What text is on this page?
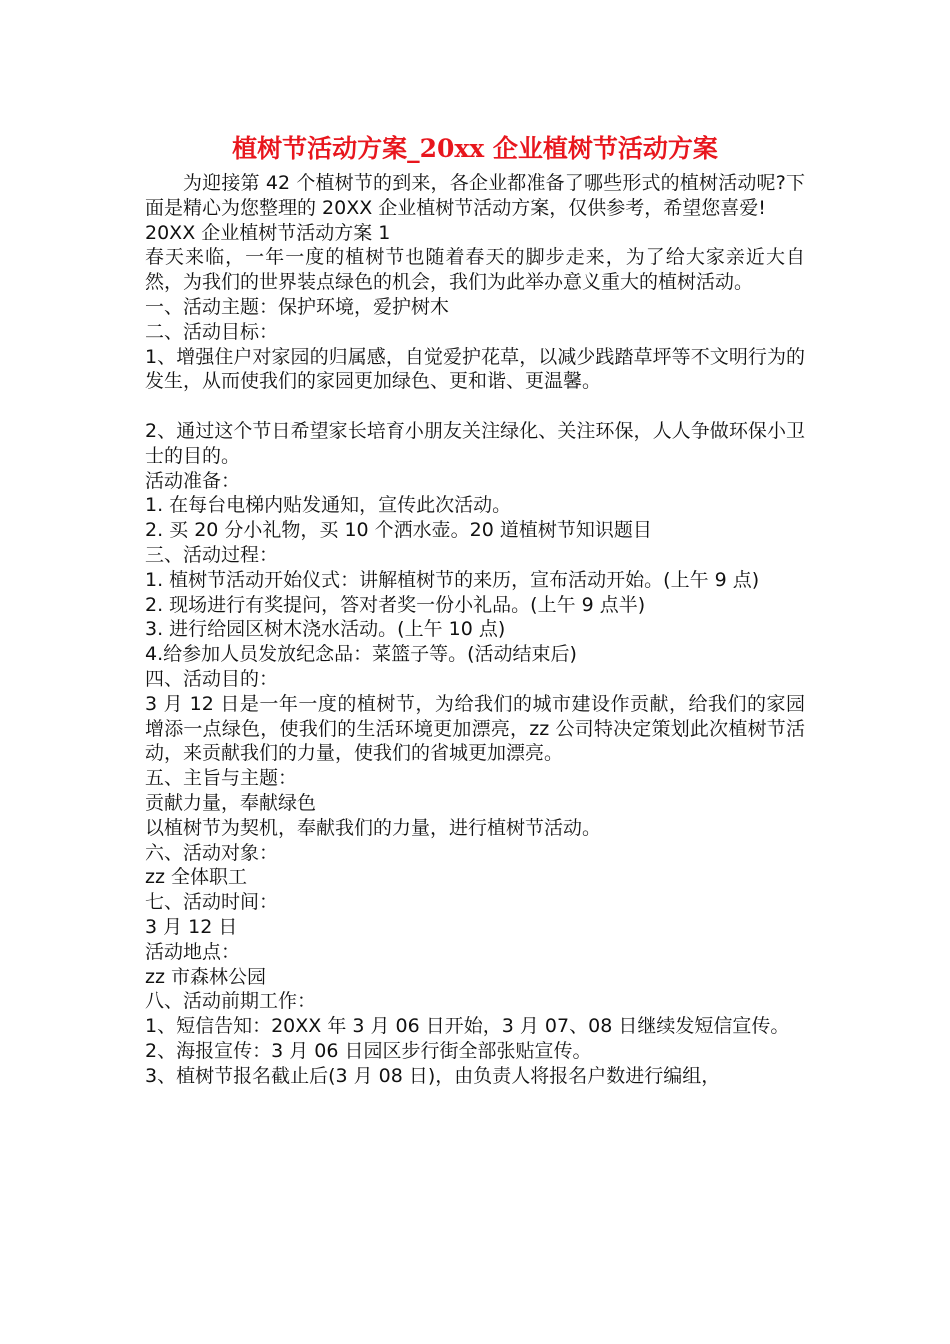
植树节活动方案_20xx 企业植树节活动方案

为迎接第 42 个植树节的到来，各企业都准备了哪些形式的植树活动呢?下面是精心为您整理的 20XX 企业植树节活动方案，仅供参考，希望您喜爱!

20XX 企业植树节活动方案 1

春天来临，一年一度的植树节也随着春天的脚步走来，为了给大家亲近大自然，为我们的世界装点绿色的机会，我们为此举办意义重大的植树活动。

一、活动主题：保护环境，爱护树木

二、活动目标：

1、增强住户对家园的归属感，自觉爱护花草，以减少践踏草坪等不文明行为的发生，从而使我们的家园更加绿色、更和谐、更温馨。

2、通过这个节日希望家长培育小朋友关注绿化、关注环保，人人争做环保小卫士的目的。

活动准备：

1. 在每台电梯内贴发通知，宣传此次活动。

2. 买 20 分小礼物，买 10 个洒水壶。20 道植树节知识题目

三、活动过程：

1. 植树节活动开始仪式：讲解植树节的来历，宣布活动开始。(上午 9 点)

2. 现场进行有奖提问，答对者奖一份小礼品。(上午 9 点半)

3. 进行给园区树木浇水活动。(上午 10 点)

4.给参加人员发放纪念品：菜篮子等。(活动结束后)

四、活动目的：

3 月 12 日是一年一度的植树节，为给我们的城市建设作贡献，给我们的家园增添一点绿色，使我们的生活环境更加漂亮，zz 公司特决定策划此次植树节活动，来贡献我们的力量，使我们的省城更加漂亮。

五、主旨与主题：

贡献力量，奉献绿色

以植树节为契机，奉献我们的力量，进行植树节活动。

六、活动对象：

zz 全体职工

七、活动时间：

3 月 12 日

活动地点：

zz 市森林公园

八、活动前期工作：

1、短信告知：20XX 年 3 月 06 日开始，3 月 07、08 日继续发短信宣传。

2、海报宣传：3 月 06 日园区步行街全部张贴宣传。

3、植树节报名截止后(3 月 08 日)，由负责人将报名户数进行编组，
